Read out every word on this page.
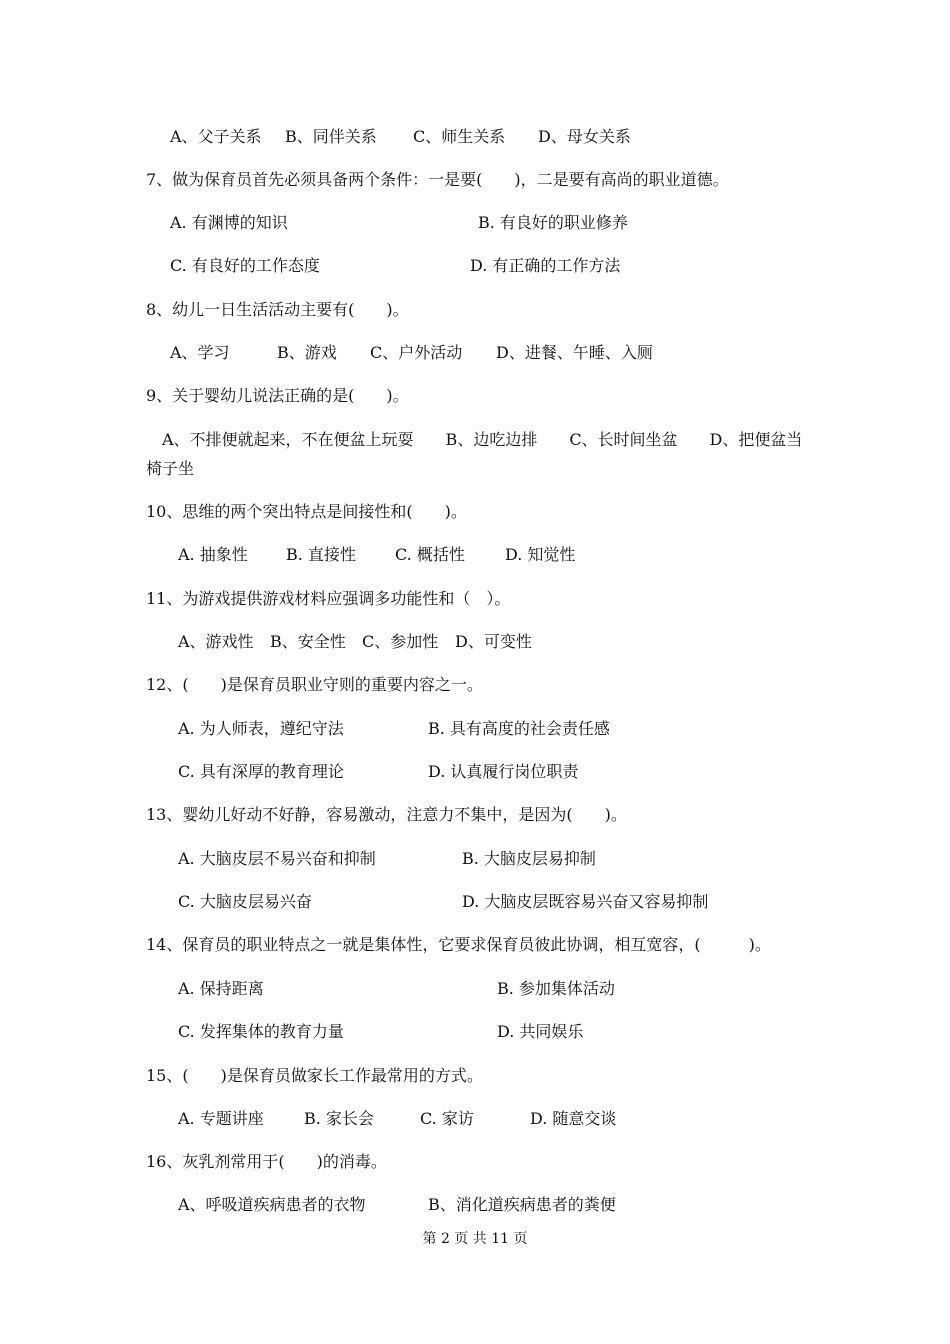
A、父子关系 B、同伴关系 C、师生关系 D、母女关系
7、做为保育员首先必须具备两个条件：一是要(　　)，二是要有高尚的职业道德。
A. 有渊博的知识	B. 有良好的职业修养
C. 有良好的工作态度	D. 有正确的工作方法
8、幼儿一日生活活动主要有(　　)。
A、学习	B、游戏 C、户外活动 D、进餐、午睡、入厕
9、关于婴幼儿说法正确的是(　　)。
　A、不排便就起来，不在便盆上玩耍　　B、边吃边排　　C、长时间坐盆　　D、把便盆当
椅子坐
10、思维的两个突出特点是间接性和(　　)。
A. 抽象性 B. 直接性 C. 概括性	D. 知觉性
11、为游戏提供游戏材料应强调多功能性和（　）。
A、游戏性 B、安全性 C、参加性 D、可变性
12、(　　)是保育员职业守则的重要内容之一。
A. 为人师表，遵纪守法	B. 具有高度的社会责任感
C. 具有深厚的教育理论	D. 认真履行岗位职责
13、婴幼儿好动不好静，容易激动，注意力不集中，是因为(　　)。
A. 大脑皮层不易兴奋和抑制	B. 大脑皮层易抑制
C. 大脑皮层易兴奋	D. 大脑皮层既容易兴奋又容易抑制
14、保育员的职业特点之一就是集体性，它要求保育员彼此协调，相互宽容，(　　　)。
A. 保持距离	B. 参加集体活动
C. 发挥集体的教育力量	D. 共同娱乐
15、(　　)是保育员做家长工作最常用的方式。
A. 专题讲座	B. 家长会	C. 家访	D. 随意交谈
16、灰乳剂常用于(　　)的消毒。
A、呼吸道疾病患者的衣物	B、消化道疾病患者的粪便
第 2 页 共 11 页
